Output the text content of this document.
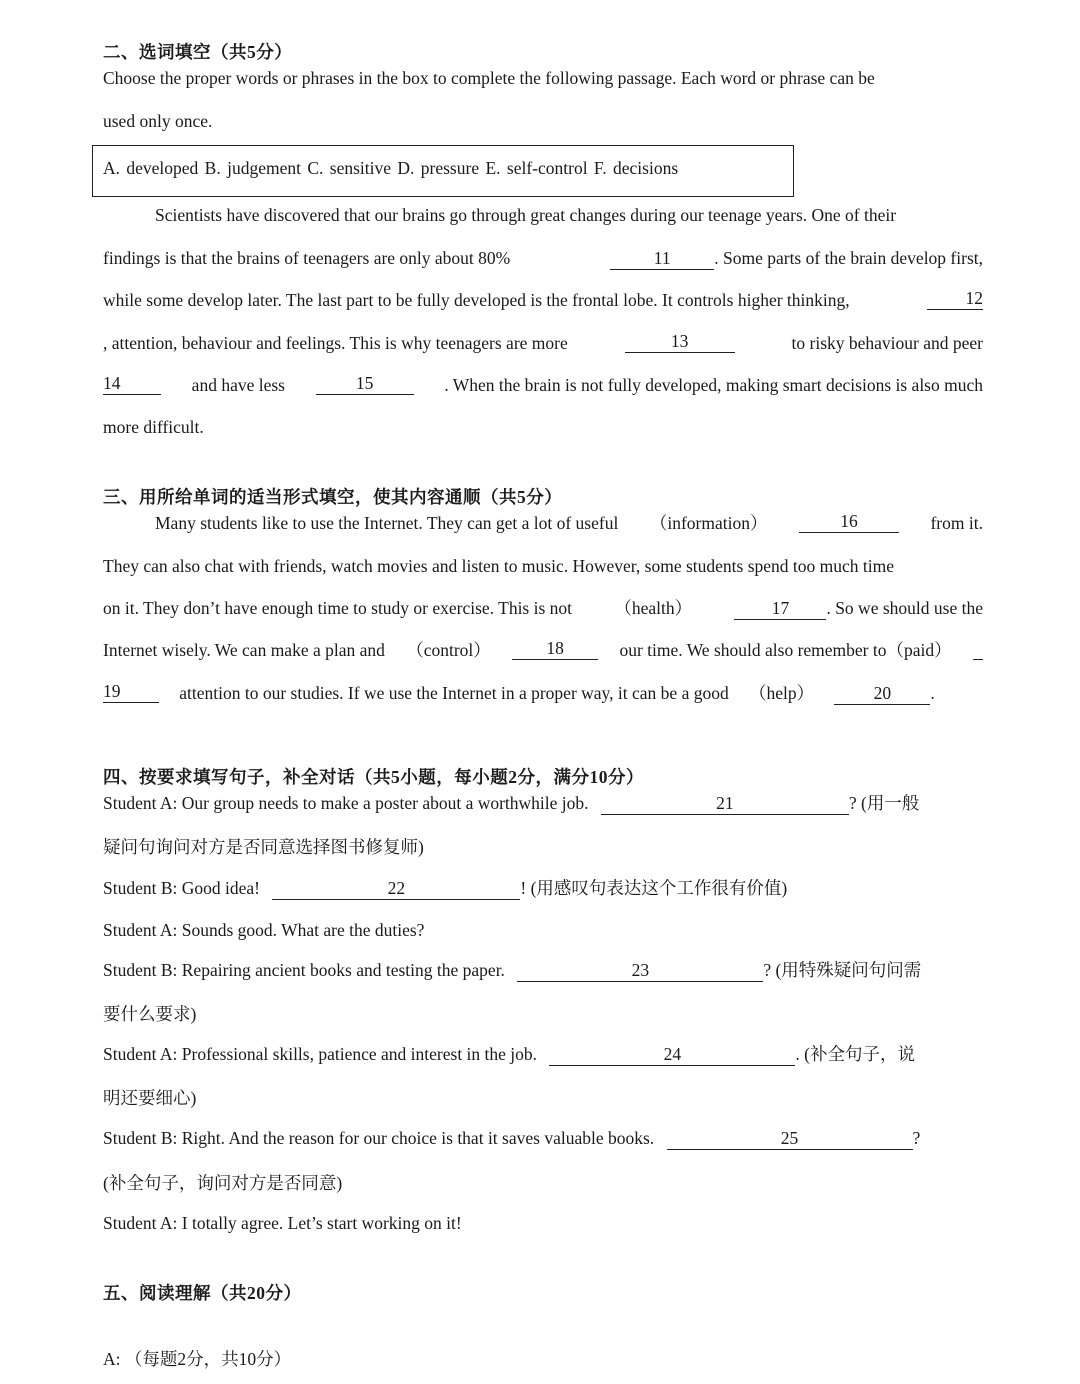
二、选词填空（共5分）
Choose the proper words or phrases in the box to complete the following passage. Each word or phrase can be
used only once.
A. developed B. judgement C. sensitive D. pressure E. self-control F. decisions
Scientists have discovered that our brains go through great changes during our teenage years. One of their
findings is that the brains of teenagers are only about 80%	11 . Some parts of the brain develop first,
while some develop later. The last part to be fully developed is the frontal lobe. It controls higher thinking,	12
, attention, behaviour and feelings. This is why teenagers are more	13	to risky behaviour and peer
14	and have less	15	. When the brain is not fully developed, making smart decisions is also much
more difficult.
三、用所给单词的适当形式填空，使其内容通顺（共5分）
Many students like to use the Internet. They can get a lot of useful （information）	16	from it.
They can also chat with friends, watch movies and listen to music. However, some students spend too much time
on it. They don’t have enough time to study or exercise. This is not （health）	17 . So we should use the
Internet wisely. We can make a plan and （control）	18	our time. We should also remember to（paid）
19	attention to our studies. If we use the Internet in a proper way, it can be a good （help）	20 .
四、按要求填写句子，补全对话（共5小题，每小题2分，满分10分）
Student A: Our group needs to make a poster about a worthwhile job.	21	? (用一般
疑问句询问对方是否同意选择图书修复师)
Student B: Good idea!	22	! (用感叹句表达这个工作很有价值)
Student A: Sounds good. What are the duties?
Student B: Repairing ancient books and testing the paper.	23	? (用特殊疑问句问需
要什么要求)
Student A: Professional skills, patience and interest in the job.	24	. (补全句子，说
明还要细心)
Student B: Right. And the reason for our choice is that it saves valuable books.	25	?
(补全句子，询问对方是否同意)
Student A: I totally agree. Let’s start working on it!
五、阅读理解（共20分）
A: （每题2分，共10分）
